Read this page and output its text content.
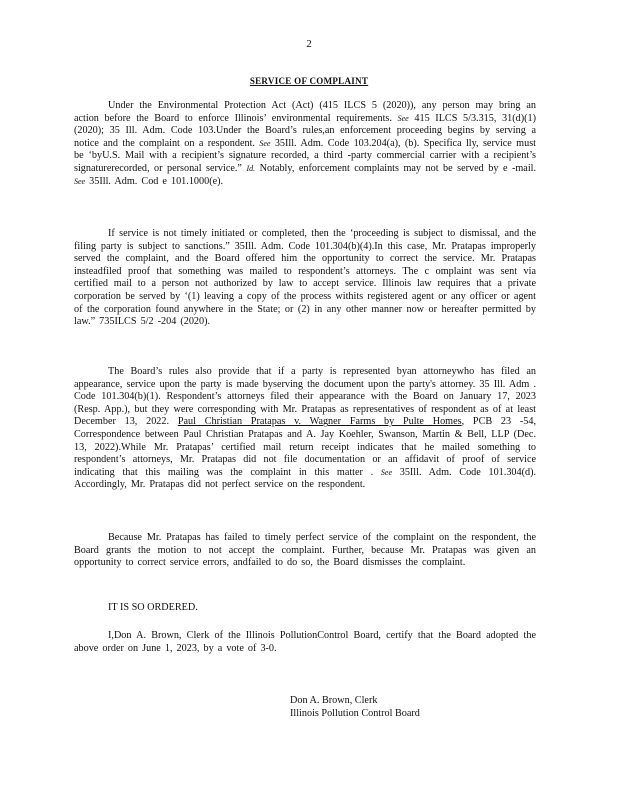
2
SERVICE OF COMPLAINT

Under the Environmental Protection Act (Act) (415 ILCS 5 (2020)), any person may bring an action before the Board to enforce Illinois’ environmental requirements. See 415 ILCS 5/3.315, 31(d)(1) (2020); 35 Ill. Adm. Code 103.Under the Board’s rules,an enforcement proceeding begins by serving a notice and the complaint on a respondent. See 35Ill. Adm. Code 103.204(a), (b). Specifica lly, service must be ‘byU.S. Mail with a recipient’s signature recorded, a third -party commercial carrier with a recipient’s signaturerecorded, or personal service.” Id. Notably, enforcement complaints may not be served by e -mail. See 35Ill. Adm. Cod e 101.1000(e).

If service is not timely initiated or completed, then the ‘proceeding is subject to dismissal, and the filing party is subject to sanctions.” 35Ill. Adm. Code 101.304(b)(4).In this case, Mr. Pratapas improperly served the complaint, and the Board offered him the opportunity to correct the service. Mr. Pratapas insteadfiled proof that something was mailed to respondent’s attorneys. The c omplaint was sent via certified mail to a person not authorized by law to accept service. Illinois law requires that a private corporation be served by ‘(1) leaving a copy of the process withits registered agent or any officer or agent of the corporation found anywhere in the State; or (2) in any other manner now or hereafter permitted by law.” 735ILCS 5/2 -204 (2020).

The Board’s rules also provide that if a party is represented byan attorneywho has filed an appearance, service upon the party is made byserving the document upon the party's attorney. 35 Ill. Adm . Code 101.304(b)(1). Respondent’s attorneys filed their appearance with the Board on January 17, 2023 (Resp. App.), but they were corresponding with Mr. Pratapas as representatives of respondent as of at least December 13, 2022. Paul Christian Pratapas v. Wagner Farms by Pulte Homes, PCB 23 -54, Correspondence between Paul Christian Pratapas and A. Jay Koehler, Swanson, Martin & Bell, LLP (Dec. 13, 2022).While Mr. Pratapas’ certified mail return receipt indicates that he mailed something to respondent’s attorneys, Mr. Pratapas did not file documentation or an affidavit of proof of service indicating that this mailing was the complaint in this matter . See 35Ill. Adm. Code 101.304(d). Accordingly, Mr. Pratapas did not perfect service on the respondent.

Because Mr. Pratapas has failed to timely perfect service of the complaint on the respondent, the Board grants the motion to not accept the complaint. Further, because Mr. Pratapas was given an opportunity to correct service errors, andfailed to do so, the Board dismisses the complaint.

IT IS SO ORDERED.

I,Don A. Brown, Clerk of the Illinois PollutionControl Board, certify that the Board adopted the above order on June 1, 2023, by a vote of 3-0.

Don A. Brown, Clerk
Illinois Pollution Control Board
